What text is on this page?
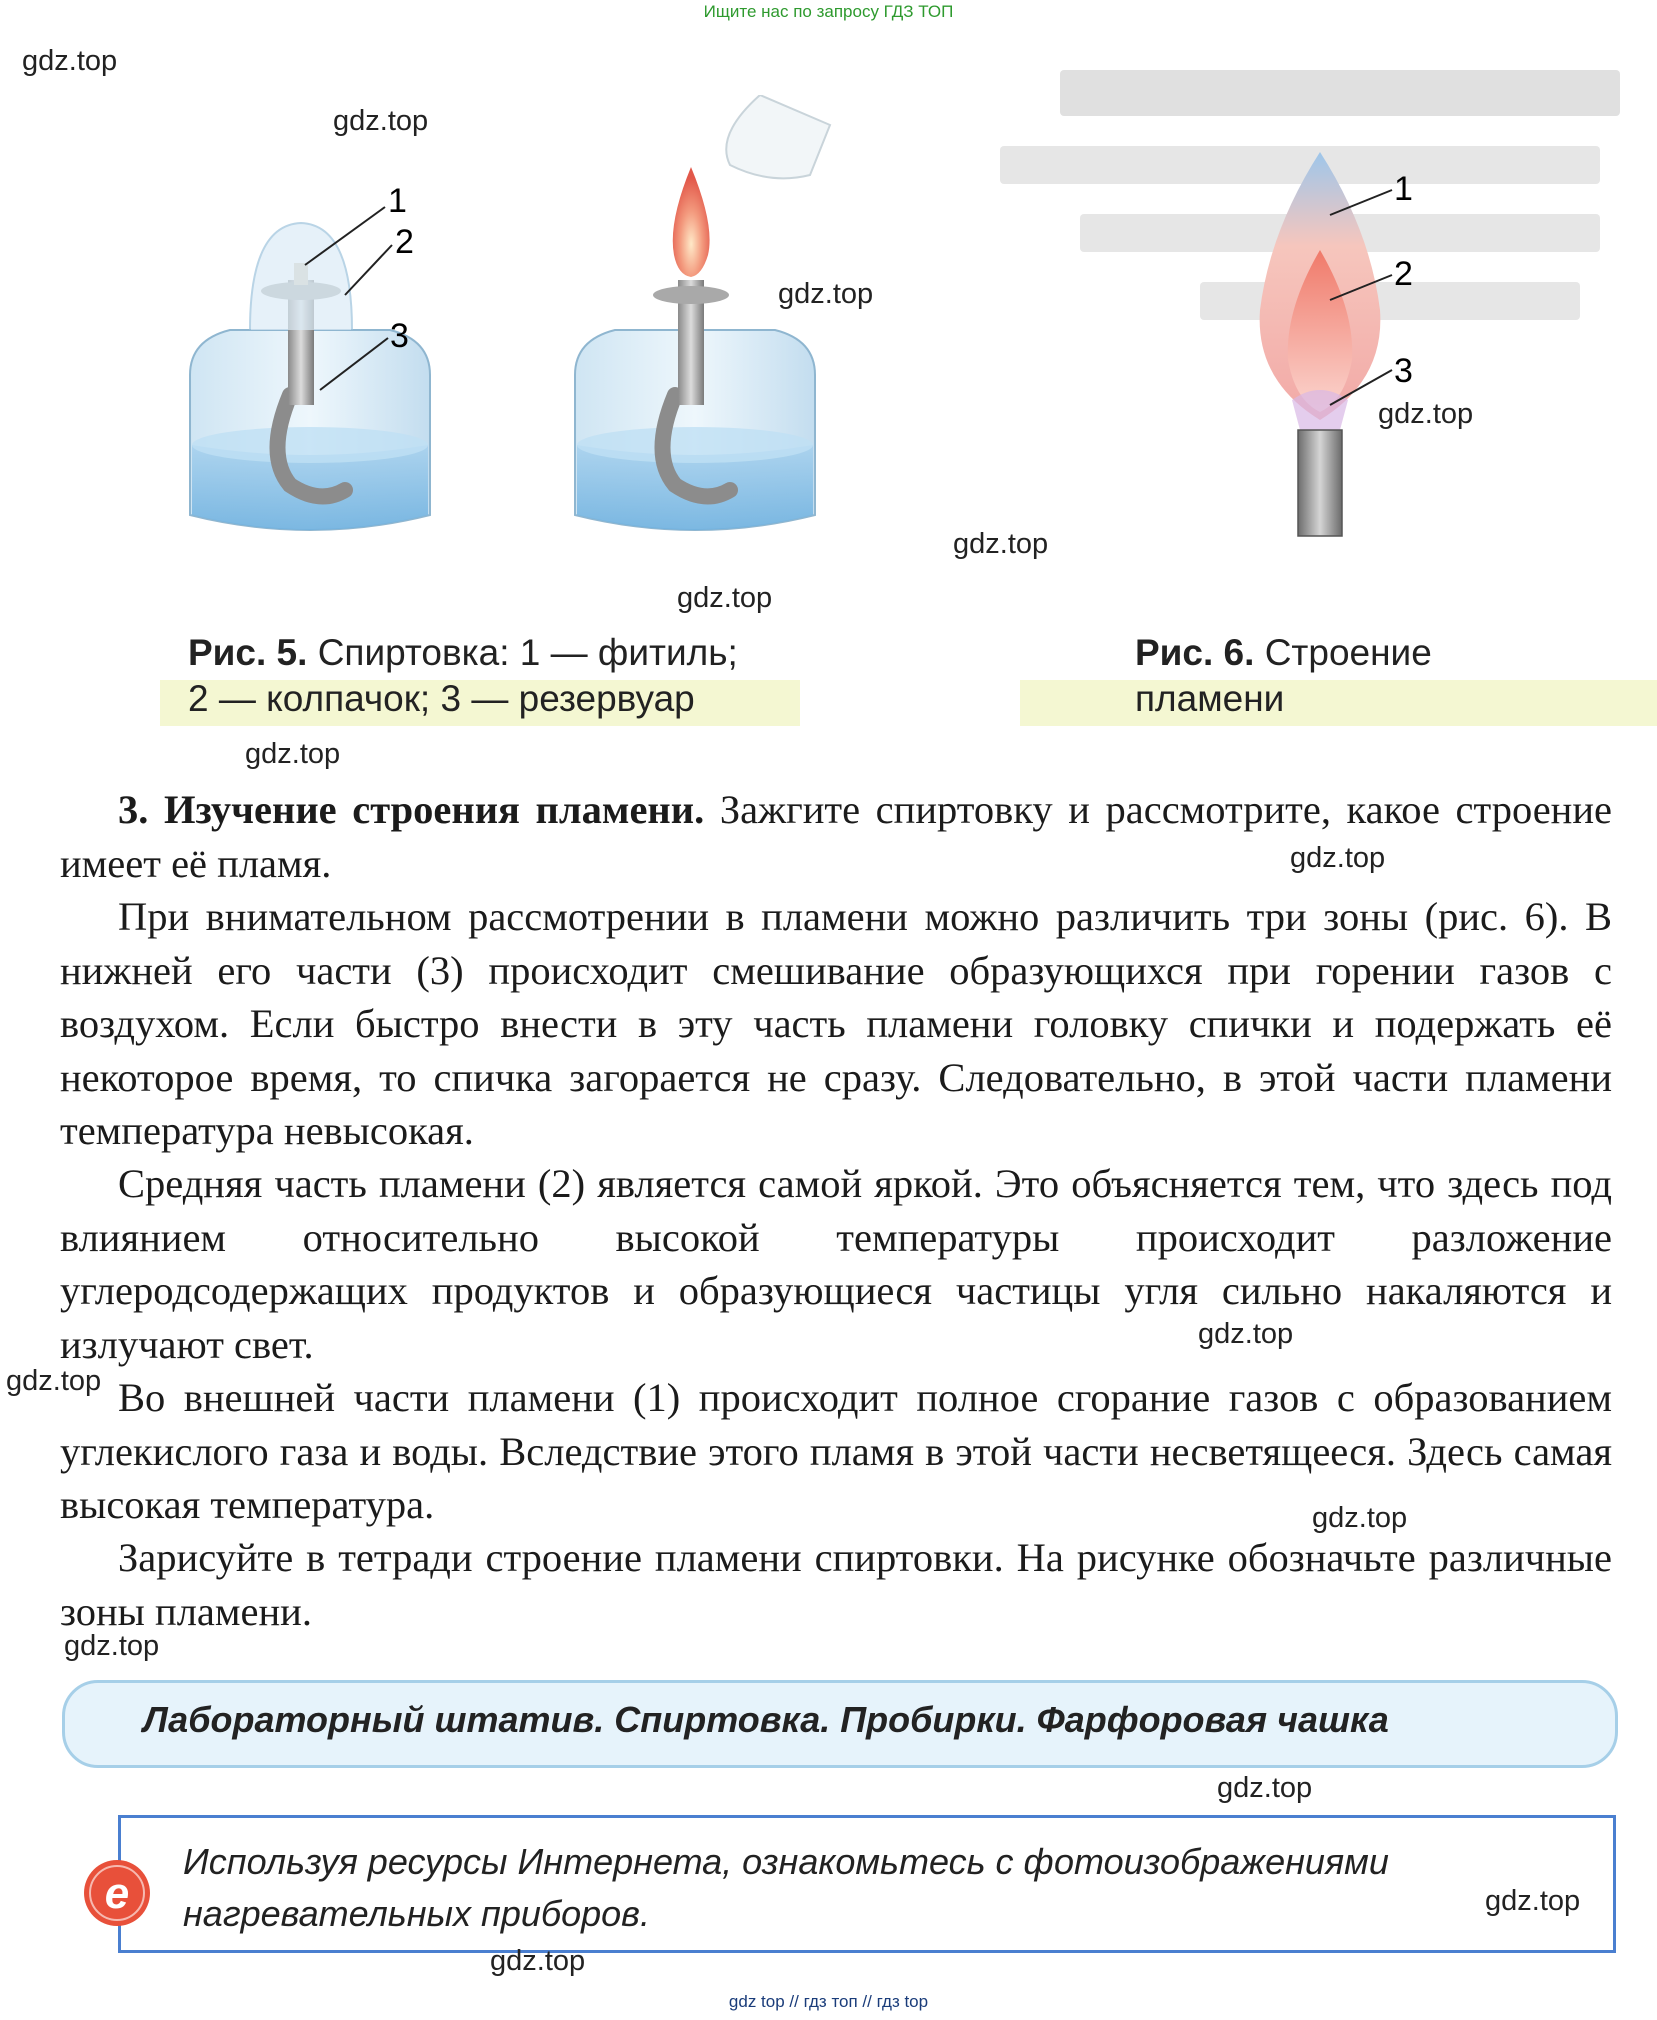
Ищите нас по запросу ГДЗ ТОП
1
2
3
1
2
3
Рис. 5. Спиртовка: 1 — фитиль;
2 — колпачок; 3 — резервуар
Рис. 6. Строение
пламени
3. Изучение строения пламени. Зажгите спиртовку и рассмотрите, какое строение имеет её пламя.
При внимательном рассмотрении в пламени можно различить три зоны (рис. 6). В нижней его части (3) происходит смешивание образующихся при горении газов с воздухом. Если быстро внести в эту часть пламени головку спички и подержать её некоторое время, то спичка загорается не сразу. Следовательно, в этой части пламени температура невысокая.
Средняя часть пламени (2) является самой яркой. Это объясняется тем, что здесь под влиянием относительно высокой температуры происходит разложение углеродсодержащих продуктов и образующиеся частицы угля сильно накаляются и излучают свет.
Во внешней части пламени (1) происходит полное сгорание газов с образованием углекислого газа и воды. Вследствие этого пламя в этой части несветящееся. Здесь самая высокая температура.
Зарисуйте в тетради строение пламени спиртовки. На рисунке обозначьте различные зоны пламени.
Лабораторный штатив. Спиртовка. Пробирки. Фарфоровая чашка
Используя ресурсы Интернета, ознакомьтесь с фотоизображениями нагревательных приборов.
e
gdz.top
gdz.top
gdz.top
gdz.top
gdz.top
gdz.top
gdz.top
gdz.top
gdz.top
gdz.top
gdz.top
gdz.top
gdz.top
gdz.top
gdz.top
gdz top // гдз топ // гдз top
